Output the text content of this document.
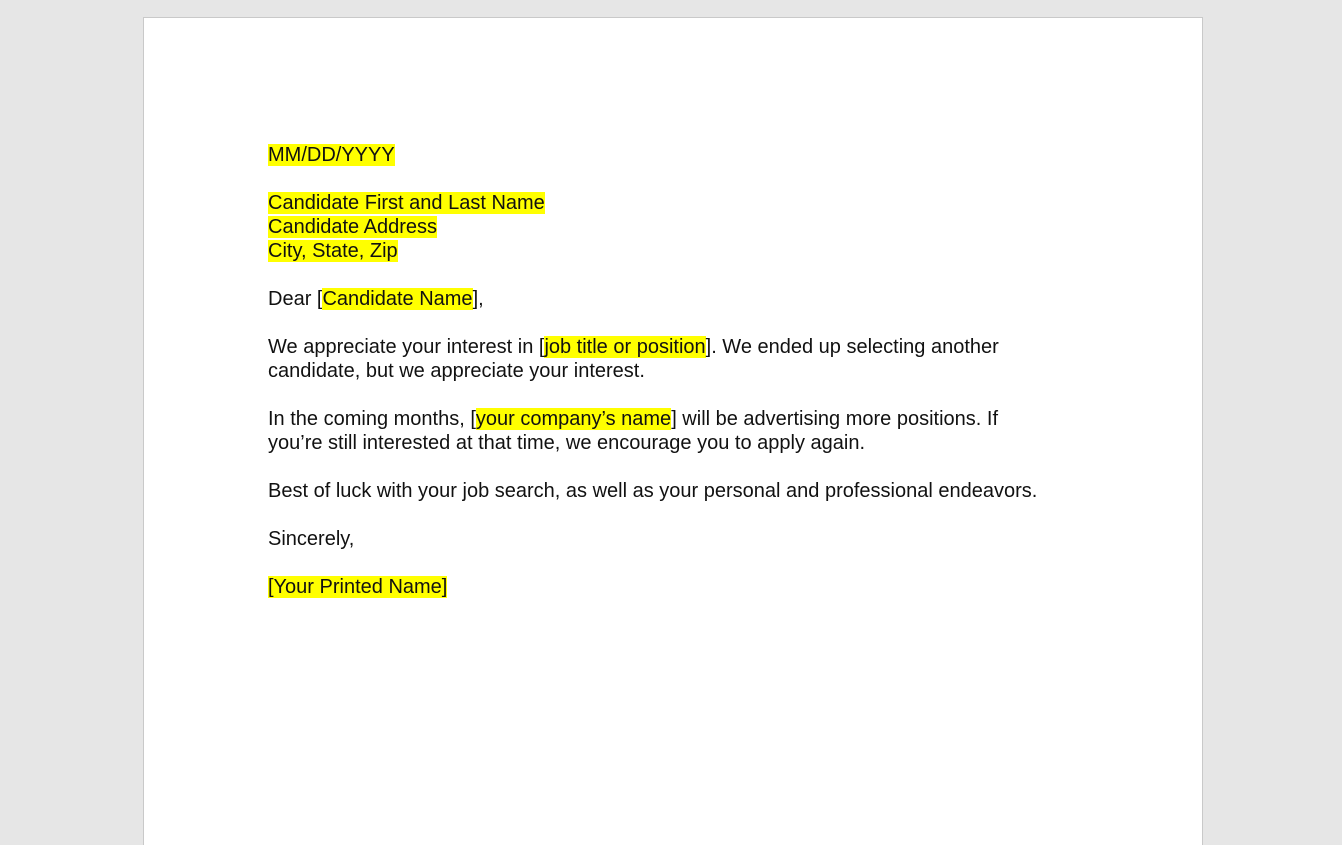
MM/DD/YYYY
Candidate First and Last Name
Candidate Address
City, State, Zip
Dear [Candidate Name],
We appreciate your interest in [job title or position]. We ended up selecting another
candidate, but we appreciate your interest.
In the coming months, [your company’s name] will be advertising more positions. If
you’re still interested at that time, we encourage you to apply again.
Best of luck with your job search, as well as your personal and professional endeavors.
Sincerely,
[Your Printed Name]
